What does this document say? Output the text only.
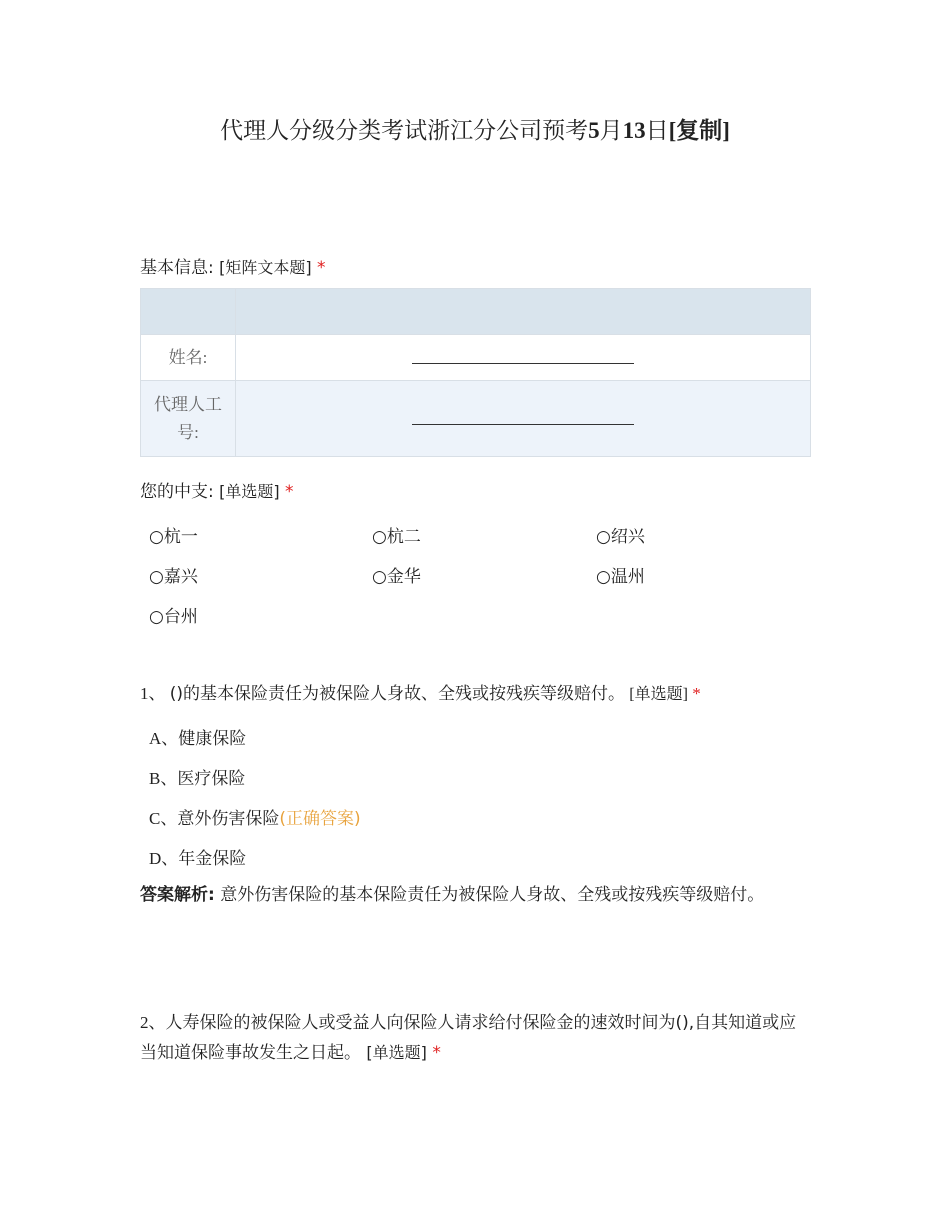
代理人分级分类考试浙江分公司预考5月13日[复制]
基本信息: [矩阵文本题] *

姓名:	

代理人工
号:	
您的中支: [单选题] *
○杭一	○杭二	○绍兴
○嘉兴	○金华	○温州
○台州
1、 ()的基本保险责任为被保险人身故、全残或按残疾等级赔付。 [单选题] *
A、健康保险
B、医疗保险
C、意外伤害保险(正确答案)
D、年金保险
答案解析: 意外伤害保险的基本保险责任为被保险人身故、全残或按残疾等级赔付。
2、人寿保险的被保险人或受益人向保险人请求给付保险金的速效时间为(),自其知道或应当知道保险事故发生之日起。 [单选题] *
